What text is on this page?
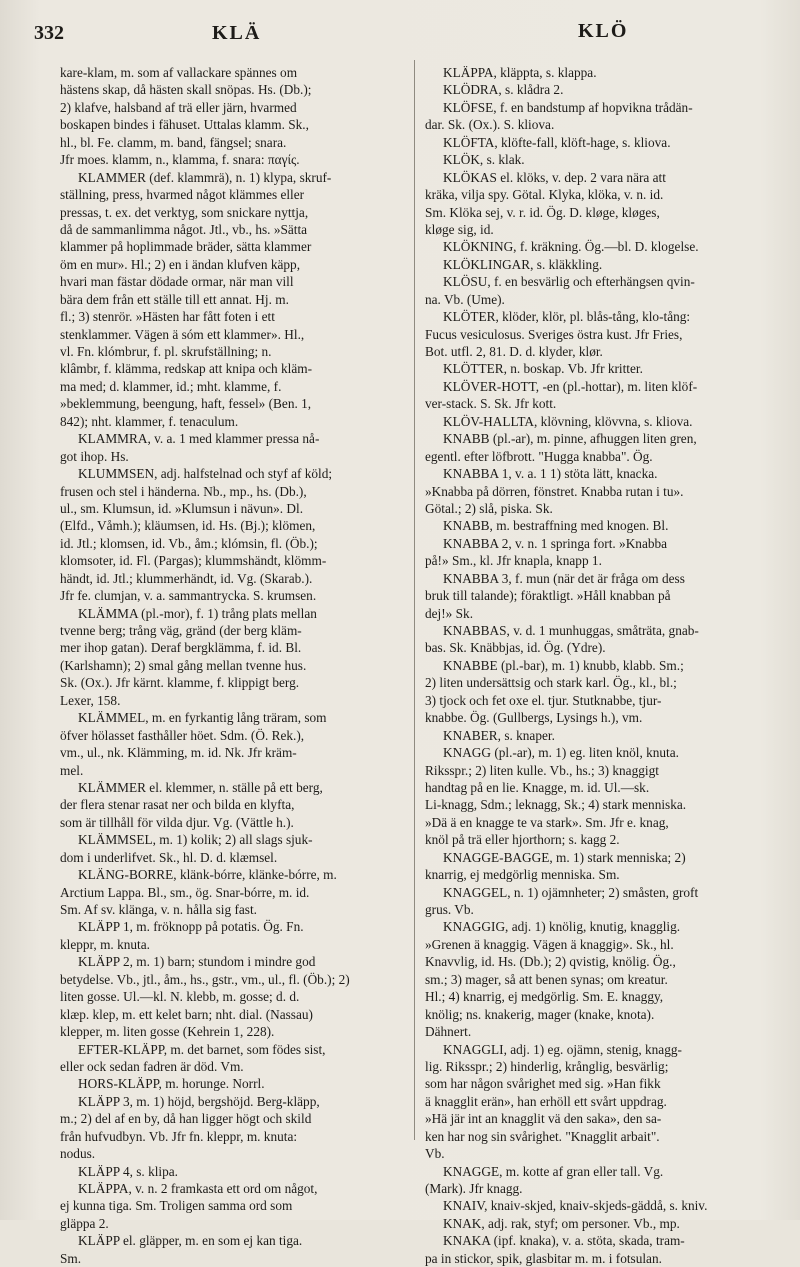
332	KLÄ	KLÖ
kare-klam, m. som af vallackare spännes om
hästens skap, då hästen skall snöpas. Hs. (Db.);
2) klafve, halsband af trä eller järn, hvarmed
boskapen bindes i fähuset. Uttalas klamm. Sk.,
hl., bl. Fe. clamm, m. band, fängsel; snara.
Jfr moes. klamm, n., klamma, f. snara: παγίς.
KLAMMER (def. klammrä), n. 1) klypa, skruf-
ställning, press, hvarmed något klämmes eller
pressas, t. ex. det verktyg, som snickare nyttja,
då de sammanlimma något. Jtl., vb., hs. »Sätta
klammer på hoplimmade bräder, sätta klammer
öm en mur». Hl.; 2) en i ändan klufven käpp,
hvari man fästar dödade ormar, när man vill
bära dem från ett ställe till ett annat. Hj. m.
fl.; 3) stenrör. »Hästen har fått foten i ett
stenklammer. Vägen ä sóm ett klammer». Hl.,
vl. Fn. klómbrur, f. pl. skrufställning; n.
klâmbr, f. klämma, redskap att knipa och kläm-
ma med; d. klammer, id.; mht. klamme, f.
»beklemmung, beengung, haft, fessel» (Ben. 1,
842); nht. klammer, f. tenaculum.
KLAMMRA, v. a. 1 med klammer pressa nå-
got ihop. Hs.
KLUMMSEN, adj. halfstelnad och styf af köld;
frusen och stel i händerna. Nb., mp., hs. (Db.),
ul., sm. Klumsun, id. »Klumsun i nävun». Dl.
(Elfd., Våmh.); kläumsen, id. Hs. (Bj.); klömen,
id. Jtl.; klomsen, id. Vb., åm.; klómsin, fl. (Öb.);
klomsoter, id. Fl. (Pargas); klummshändt, klömm-
händt, id. Jtl.; klummerhändt, id. Vg. (Skarab.).
Jfr fe. clumjan, v. a. sammantrycka. S. krumsen.
KLÄMMA (pl.-mor), f. 1) trång plats mellan
tvenne berg; trång väg, gränd (der berg kläm-
mer ihop gatan). Deraf bergklämma, f. id. Bl.
(Karlshamn); 2) smal gång mellan tvenne hus.
Sk. (Ox.). Jfr kärnt. klamme, f. klippigt berg.
Lexer, 158.
KLÄMMEL, m. en fyrkantig lång träram, som
öfver hölasset fasthåller höet. Sdm. (Ö. Rek.),
vm., ul., nk. Klämming, m. id. Nk. Jfr kräm-
mel.
KLÄMMER el. klemmer, n. ställe på ett berg,
der flera stenar rasat ner och bilda en klyfta,
som är tillhåll för vilda djur. Vg. (Vättle h.).
KLÄMMSEL, m. 1) kolik; 2) all slags sjuk-
dom i underlifvet. Sk., hl. D. d. klæmsel.
KLÄNG-BORRE, klänk-bórre, klänke-bórre, m.
Arctium Lappa. Bl., sm., ög. Snar-bórre, m. id.
Sm. Af sv. klänga, v. n. hålla sig fast.
KLÄPP 1, m. fröknopp på potatis. Ög. Fn.
kleppr, m. knuta.
KLÄPP 2, m. 1) barn; stundom i mindre god
betydelse. Vb., jtl., åm., hs., gstr., vm., ul., fl. (Öb.); 2)
liten gosse. Ul.—kl. N. klebb, m. gosse; d. d.
klæp. klep, m. ett kelet barn; nht. dial. (Nassau)
klepper, m. liten gosse (Kehrein 1, 228).
EFTER-KLÄPP, m. det barnet, som födes sist,
eller ock sedan fadren är död. Vm.
HORS-KLÄPP, m. horunge. Norrl.
KLÄPP 3, m. 1) höjd, bergshöjd. Berg-kläpp,
m.; 2) del af en by, då han ligger högt och skild
från hufvudbyn. Vb. Jfr fn. kleppr, m. knuta:
nodus.
KLÄPP 4, s. klipa.
KLÄPPA, v. n. 2 framkasta ett ord om något,
ej kunna tiga. Sm. Troligen samma ord som
gläppa 2.
KLÄPP el. gläpper, m. en som ej kan tiga.
Sm.
KLÄPPA, kläppta, s. klappa.
KLÖDRA, s. klådra 2.
KLÖFSE, f. en bandstump af hopvikna trådän-
dar. Sk. (Ox.). S. kliova.
KLÖFTA, klöfte-fall, klöft-hage, s. kliova.
KLÖK, s. klak.
KLÖKAS el. klöks, v. dep. 2 vara nära att
kräka, vilja spy. Götal. Klyka, klöka, v. n. id.
Sm. Klöka sej, v. r. id. Ög. D. kløge, kløges,
kløge sig, id.
KLÖKNING, f. kräkning. Ög.—bl. D. klogelse.
KLÖKLINGAR, s. kläkkling.
KLÖSU, f. en besvärlig och efterhängsen qvin-
na. Vb. (Ume).
KLÖTER, klöder, klör, pl. blås-tång, klo-tång:
Fucus vesiculosus. Sveriges östra kust. Jfr Fries,
Bot. utfl. 2, 81. D. d. klyder, klør.
KLÖTTER, n. boskap. Vb. Jfr kritter.
KLÖVER-HOTT, -en (pl.-hottar), m. liten klöf-
ver-stack. S. Sk. Jfr kott.
KLÖV-HALLTA, klövning, klövvna, s. kliova.
KNABB (pl.-ar), m. pinne, afhuggen liten gren,
egentl. efter löfbrott. "Hugga knabba". Ög.
KNABBA 1, v. a. 1 1) stöta lätt, knacka.
»Knabba på dörren, fönstret. Knabba rutan i tu».
Götal.; 2) slå, piska. Sk.
KNABB, m. bestraffning med knogen. Bl.
KNABBA 2, v. n. 1 springa fort. »Knabba
på!» Sm., kl. Jfr knapla, knapp 1.
KNABBA 3, f. mun (när det är fråga om dess
bruk till talande); föraktligt. »Håll knabban på
dej!» Sk.
KNABBAS, v. d. 1 munhuggas, småträta, gnab-
bas. Sk. Knäbbjas, id. Ög. (Ydre).
KNABBE (pl.-bar), m. 1) knubb, klabb. Sm.;
2) liten undersättsig och stark karl. Ög., kl., bl.;
3) tjock och fet oxe el. tjur. Stutknabbe, tjur-
knabbe. Ög. (Gullbergs, Lysings h.), vm.
KNABER, s. knaper.
KNAGG (pl.-ar), m. 1) eg. liten knöl, knuta.
Riksspr.; 2) liten kulle. Vb., hs.; 3) knaggigt
handtag på en lie. Knagge, m. id. Ul.—sk.
Li-knagg, Sdm.; leknagg, Sk.; 4) stark menniska.
»Dä ä en knagge te va stark». Sm. Jfr e. knag,
knöl på trä eller hjorthorn; s. kagg 2.
KNAGGE-BAGGE, m. 1) stark menniska; 2)
knarrig, ej medgörlig menniska. Sm.
KNAGGEL, n. 1) ojämnheter; 2) småsten, groft
grus. Vb.
KNAGGIG, adj. 1) knölig, knutig, knagglig.
»Grenen ä knaggig. Vägen ä knaggig». Sk., hl.
Knavvlig, id. Hs. (Db.); 2) qvistig, knölig. Ög.,
sm.; 3) mager, så att benen synas; om kreatur.
Hl.; 4) knarrig, ej medgörlig. Sm. E. knaggy,
knölig; ns. knakerig, mager (knake, knota).
Dähnert.
KNAGGLI, adj. 1) eg. ojämn, stenig, knagg-
lig. Riksspr.; 2) hinderlig, krånglig, besvärlig;
som har någon svårighet med sig. »Han fikk
ä knagglit erän», han erhöll ett svårt uppdrag.
»Hä jär int an knagglit vä den saka», den sa-
ken har nog sin svårighet. "Knagglit arbait".
Vb.
KNAGGE, m. kotte af gran eller tall. Vg.
(Mark). Jfr knagg.
KNAIV, knaiv-skjed, knaiv-skjeds-gäddå, s. kniv.
KNAK, adj. rak, styf; om personer. Vb., mp.
KNAKA (ipf. knaka), v. a. stöta, skada, tram-
pa in stickor, spik, glasbitar m. m. i fotsulan.
